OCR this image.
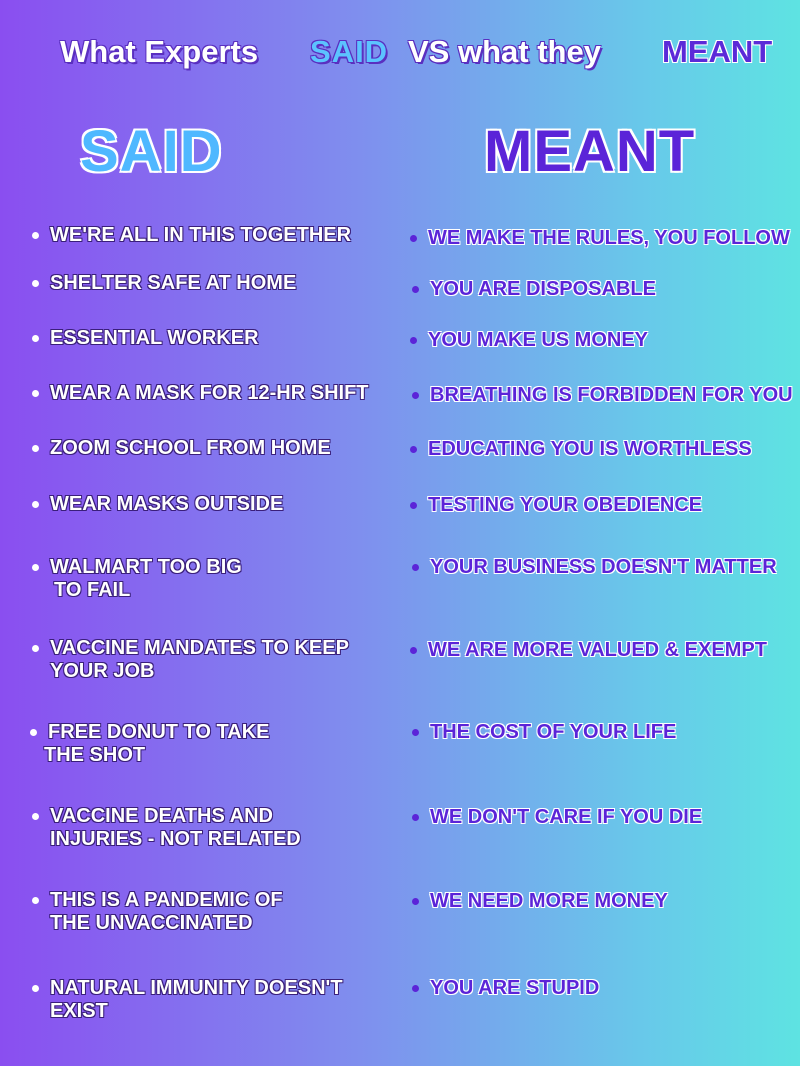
What Experts SAID VS what they MEANT
SAID	MEANT
WE'RE ALL IN THIS TOGETHER
SHELTER SAFE AT HOME
ESSENTIAL WORKER
WEAR A MASK FOR 12-HR SHIFT
ZOOM SCHOOL FROM HOME
WEAR MASKS OUTSIDE
WALMART TOO BIG
TO FAIL
VACCINE MANDATES TO KEEP
YOUR JOB
FREE DONUT TO TAKE
THE SHOT
VACCINE DEATHS AND
INJURIES - NOT RELATED
THIS IS A PANDEMIC OF
THE UNVACCINATED
NATURAL IMMUNITY DOESN'T
EXIST
WE MAKE THE RULES, YOU FOLLOW
YOU ARE DISPOSABLE
YOU MAKE US MONEY
BREATHING IS FORBIDDEN FOR YOU
EDUCATING YOU IS WORTHLESS
TESTING YOUR OBEDIENCE
YOUR BUSINESS DOESN'T MATTER
WE ARE MORE VALUED & EXEMPT
THE COST OF YOUR LIFE
WE DON'T CARE IF YOU DIE
WE NEED MORE MONEY
YOU ARE STUPID
